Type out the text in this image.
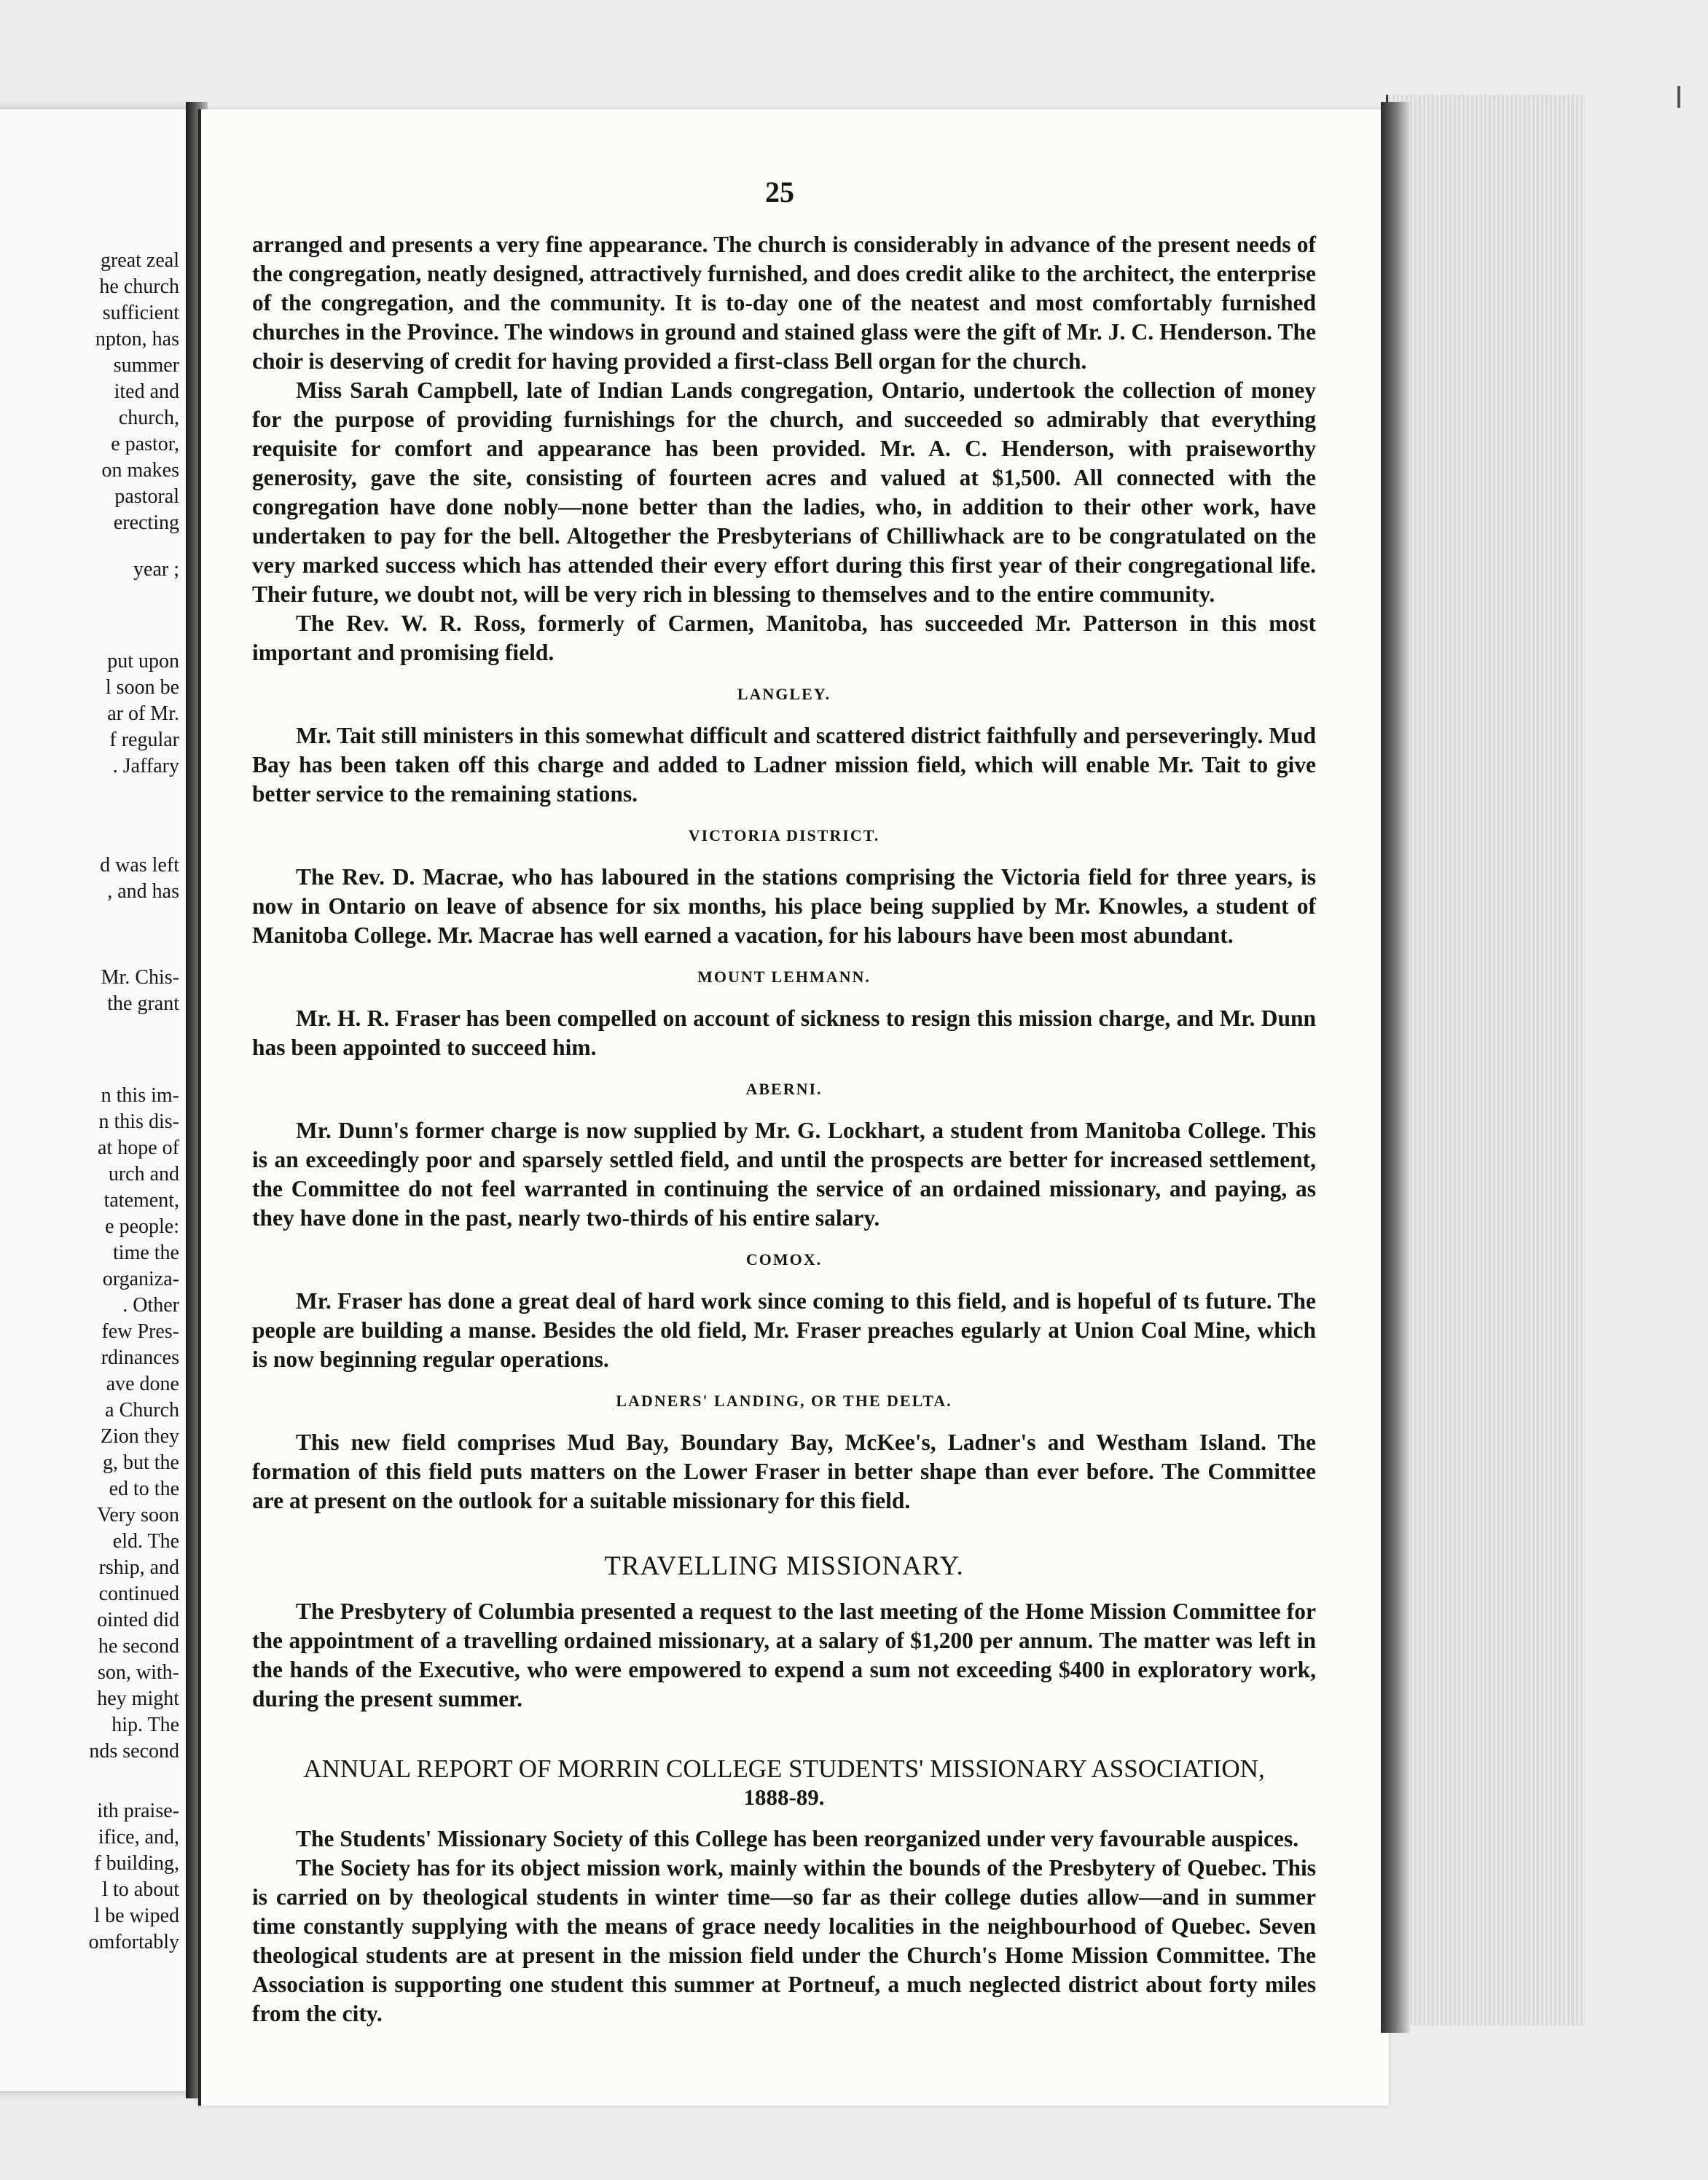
great zeal
he church
sufficient
npton, has
summer
ited and
church,
e pastor,
on makes
pastoral
erecting
year ;
put upon
l soon be
ar of Mr.
f regular
. Jaffary
d was left
, and has
Mr. Chis-
the grant
n this im-
n this dis-
at hope of
urch and
tatement,
e people:
time the
organiza-
. Other
few Pres-
rdinances
ave done
a Church
Zion they
g, but the
ed to the
Very soon
eld. The
rship, and
continued
ointed did
he second
son, with-
hey might
hip. The
nds second
ith praise-
ifice, and,
f building,
l to about
l be wiped
omfortably
25

arranged and presents a very fine appearance. The church is considerably in advance of the present needs of the congregation, neatly designed, attractively furnished, and does credit alike to the architect, the enterprise of the congregation, and the community. It is to-day one of the neatest and most comfortably furnished churches in the Province. The windows in ground and stained glass were the gift of Mr. J. C. Henderson. The choir is deserving of credit for having provided a first-class Bell organ for the church.

Miss Sarah Campbell, late of Indian Lands congregation, Ontario, undertook the collection of money for the purpose of providing furnishings for the church, and succeeded so admirably that everything requisite for comfort and appearance has been provided. Mr. A. C. Henderson, with praiseworthy generosity, gave the site, consisting of fourteen acres and valued at $1,500. All connected with the congregation have done nobly—none better than the ladies, who, in addition to their other work, have undertaken to pay for the bell. Altogether the Presbyterians of Chilliwhack are to be congratulated on the very marked success which has attended their every effort during this first year of their congregational life. Their future, we doubt not, will be very rich in blessing to themselves and to the entire community.

The Rev. W. R. Ross, formerly of Carmen, Manitoba, has succeeded Mr. Patterson in this most important and promising field.

LANGLEY.

Mr. Tait still ministers in this somewhat difficult and scattered district faithfully and perseveringly. Mud Bay has been taken off this charge and added to Ladner mission field, which will enable Mr. Tait to give better service to the remaining stations.

VICTORIA DISTRICT.

The Rev. D. Macrae, who has laboured in the stations comprising the Victoria field for three years, is now in Ontario on leave of absence for six months, his place being supplied by Mr. Knowles, a student of Manitoba College. Mr. Macrae has well earned a vacation, for his labours have been most abundant.

MOUNT LEHMANN.

Mr. H. R. Fraser has been compelled on account of sickness to resign this mission charge, and Mr. Dunn has been appointed to succeed him.

ABERNI.

Mr. Dunn's former charge is now supplied by Mr. G. Lockhart, a student from Manitoba College. This is an exceedingly poor and sparsely settled field, and until the prospects are better for increased settlement, the Committee do not feel warranted in continuing the service of an ordained missionary, and paying, as they have done in the past, nearly two-thirds of his entire salary.

COMOX.

Mr. Fraser has done a great deal of hard work since coming to this field, and is hopeful of ts future. The people are building a manse. Besides the old field, Mr. Fraser preaches egularly at Union Coal Mine, which is now beginning regular operations.

LADNERS' LANDING, OR THE DELTA.

This new field comprises Mud Bay, Boundary Bay, McKee's, Ladner's and Westham Island. The formation of this field puts matters on the Lower Fraser in better shape than ever before. The Committee are at present on the outlook for a suitable missionary for this field.

TRAVELLING MISSIONARY.

The Presbytery of Columbia presented a request to the last meeting of the Home Mission Committee for the appointment of a travelling ordained missionary, at a salary of $1,200 per annum. The matter was left in the hands of the Executive, who were empowered to expend a sum not exceeding $400 in exploratory work, during the present summer.

ANNUAL REPORT OF MORRIN COLLEGE STUDENTS' MISSIONARY ASSOCIATION,
1888-89.

The Students' Missionary Society of this College has been reorganized under very favourable auspices.

The Society has for its object mission work, mainly within the bounds of the Presbytery of Quebec. This is carried on by theological students in winter time—so far as their college duties allow—and in summer time constantly supplying with the means of grace needy localities in the neighbourhood of Quebec. Seven theological students are at present in the mission field under the Church's Home Mission Committee. The Association is supporting one student this summer at Portneuf, a much neglected district about forty miles from the city.
